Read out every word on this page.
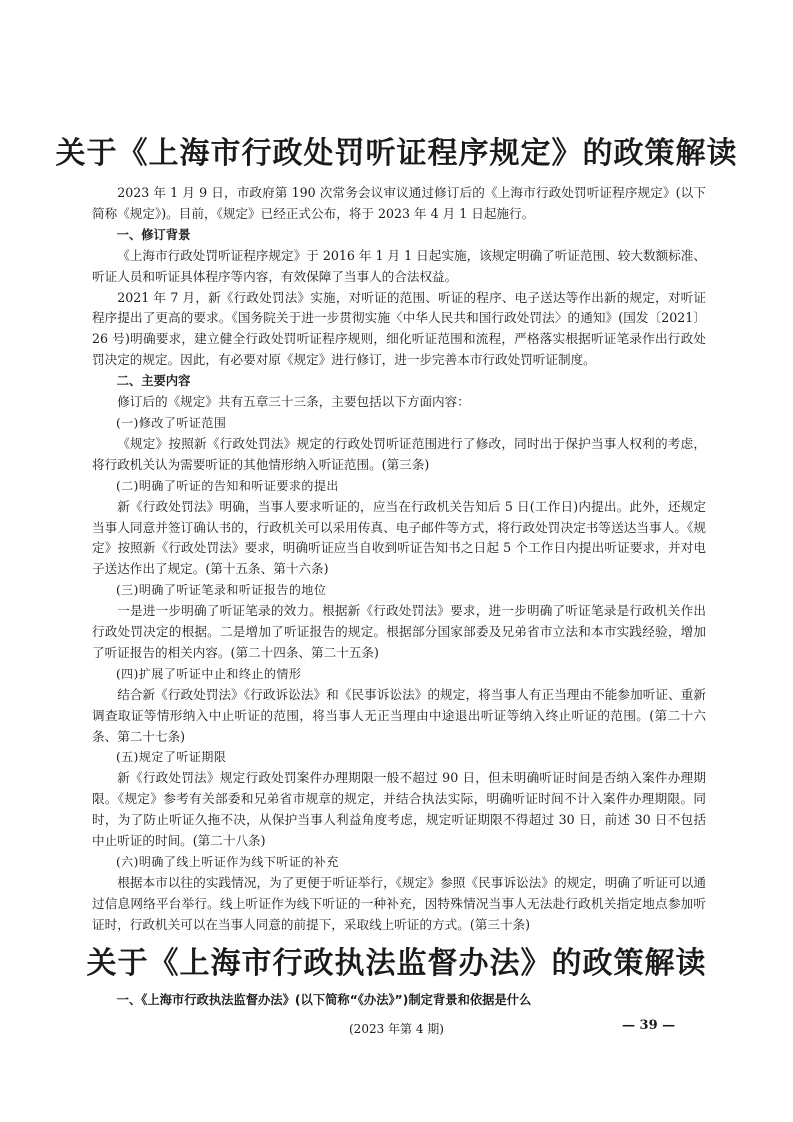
关于《上海市行政处罚听证程序规定》的政策解读

2023 年 1 月 9 日，市政府第 190 次常务会议审议通过修订后的《上海市行政处罚听证程序规定》(以下简称《规定》)。目前，《规定》已经正式公布，将于 2023 年 4 月 1 日起施行。

一、修订背景

《上海市行政处罚听证程序规定》于 2016 年 1 月 1 日起实施，该规定明确了听证范围、较大数额标准、听证人员和听证具体程序等内容，有效保障了当事人的合法权益。

2021 年 7 月，新《行政处罚法》实施，对听证的范围、听证的程序、电子送达等作出新的规定，对听证程序提出了更高的要求。《国务院关于进一步贯彻实施〈中华人民共和国行政处罚法〉的通知》(国发〔2021〕26 号)明确要求，建立健全行政处罚听证程序规则，细化听证范围和流程，严格落实根据听证笔录作出行政处罚决定的规定。因此，有必要对原《规定》进行修订，进一步完善本市行政处罚听证制度。

二、主要内容

修订后的《规定》共有五章三十三条，主要包括以下方面内容：

(一)修改了听证范围

《规定》按照新《行政处罚法》规定的行政处罚听证范围进行了修改，同时出于保护当事人权利的考虑，将行政机关认为需要听证的其他情形纳入听证范围。(第三条)

(二)明确了听证的告知和听证要求的提出

新《行政处罚法》明确，当事人要求听证的，应当在行政机关告知后 5 日(工作日)内提出。此外，还规定当事人同意并签订确认书的，行政机关可以采用传真、电子邮件等方式，将行政处罚决定书等送达当事人。《规定》按照新《行政处罚法》要求，明确听证应当自收到听证告知书之日起 5 个工作日内提出听证要求，并对电子送达作出了规定。(第十五条、第十六条)

(三)明确了听证笔录和听证报告的地位

一是进一步明确了听证笔录的效力。根据新《行政处罚法》要求，进一步明确了听证笔录是行政机关作出行政处罚决定的根据。二是增加了听证报告的规定。根据部分国家部委及兄弟省市立法和本市实践经验，增加了听证报告的相关内容。(第二十四条、第二十五条)

(四)扩展了听证中止和终止的情形

结合新《行政处罚法》《行政诉讼法》和《民事诉讼法》的规定，将当事人有正当理由不能参加听证、重新调查取证等情形纳入中止听证的范围，将当事人无正当理由中途退出听证等纳入终止听证的范围。(第二十六条、第二十七条)

(五)规定了听证期限

新《行政处罚法》规定行政处罚案件办理期限一般不超过 90 日，但未明确听证时间是否纳入案件办理期限。《规定》参考有关部委和兄弟省市规章的规定，并结合执法实际，明确听证时间不计入案件办理期限。同时，为了防止听证久拖不决，从保护当事人利益角度考虑，规定听证期限不得超过 30 日，前述 30 日不包括中止听证的时间。(第二十八条)

(六)明确了线上听证作为线下听证的补充

根据本市以往的实践情况，为了更便于听证举行，《规定》参照《民事诉讼法》的规定，明确了听证可以通过信息网络平台举行。线上听证作为线下听证的一种补充，因特殊情况当事人无法赴行政机关指定地点参加听证时，行政机关可以在当事人同意的前提下，采取线上听证的方式。(第三十条)

关于《上海市行政执法监督办法》的政策解读
一、《上海市行政执法监督办法》(以下简称“《办法》”)制定背景和依据是什么
(2023 年第 4 期)	— 39 —
